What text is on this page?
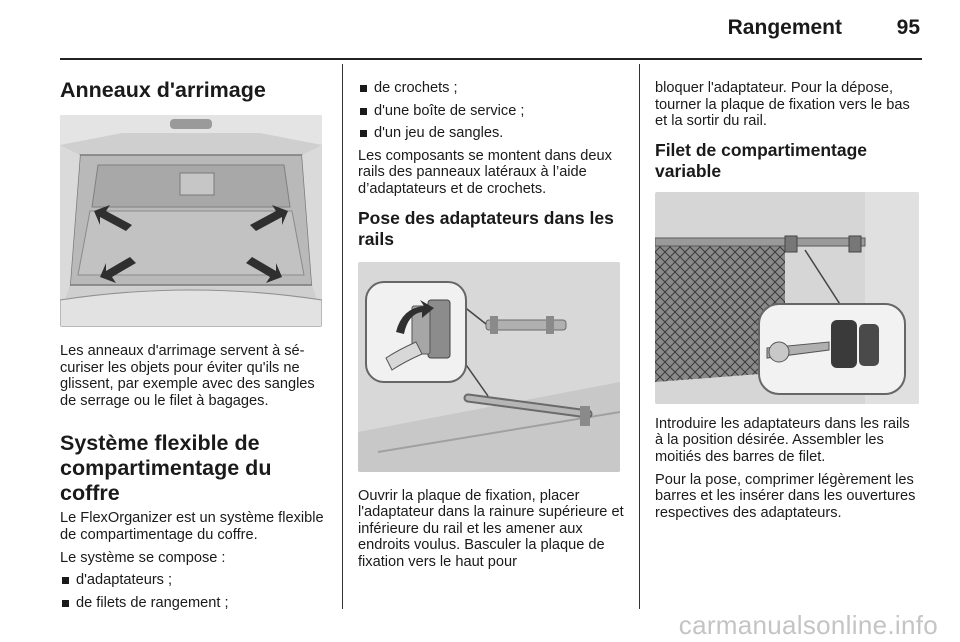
Rangement	95
Anneaux d'arrimage

Les anneaux d'arrimage servent à sécuriser les objets pour éviter qu'ils ne glissent, par exemple avec des sangles de serrage ou le filet à bagages.

Système flexible de compartimentage du coffre

Le FlexOrganizer est un système flexible de compartimentage du coffre.

Le système se compose :

d'adaptateurs ;
de filets de rangement ;
de crochets ;
d'une boîte de service ;
d'un jeu de sangles.

Les composants se montent dans deux rails des panneaux latéraux à l’aide d’adaptateurs et de crochets.

Pose des adaptateurs dans les rails

Ouvrir la plaque de fixation, placer l'adaptateur dans la rainure supérieure et inférieure du rail et les amener aux endroits voulus. Basculer la plaque de fixation vers le haut pour

bloquer l'adaptateur. Pour la dépose, tourner la plaque de fixation vers le bas et la sortir du rail.

Filet de compartimentage variable

Introduire les adaptateurs dans les rails à la position désirée. Assembler les moitiés des barres de filet.

Pour la pose, comprimer légèrement les barres et les insérer dans les ouvertures respectives des adaptateurs.

carmanualsonline.info
